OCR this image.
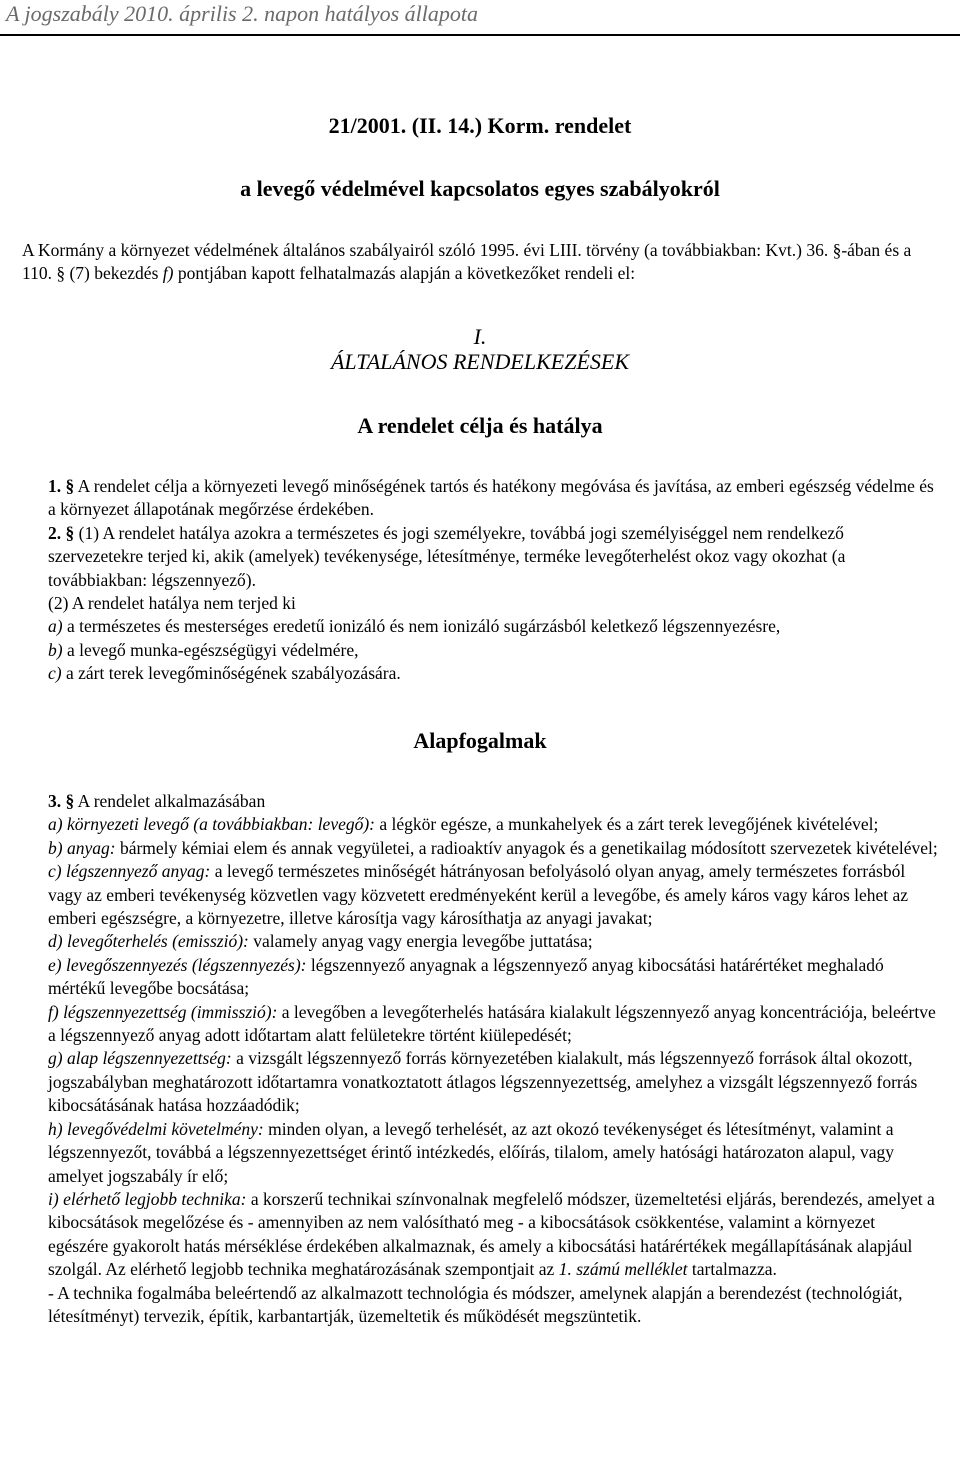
A jogszabály 2010. április 2. napon hatályos állapota
21/2001. (II. 14.) Korm. rendelet
a levegő védelmével kapcsolatos egyes szabályokról

A Kormány a környezet védelmének általános szabályairól szóló 1995. évi LIII. törvény (a továbbiakban: Kvt.) 36. §-ában és a 110. § (7) bekezdés f) pontjában kapott felhatalmazás alapján a következőket rendeli el:

I.
ÁLTALÁNOS RENDELKEZÉSEK
A rendelet célja és hatálya

1. § A rendelet célja a környezeti levegő minőségének tartós és hatékony megóvása és javítása, az emberi egészség védelme és a környezet állapotának megőrzése érdekében.

2. § (1) A rendelet hatálya azokra a természetes és jogi személyekre, továbbá jogi személyiséggel nem rendelkező szervezetekre terjed ki, akik (amelyek) tevékenysége, létesítménye, terméke levegőterhelést okoz vagy okozhat (a továbbiakban: légszennyező).

(2) A rendelet hatálya nem terjed ki

a) a természetes és mesterséges eredetű ionizáló és nem ionizáló sugárzásból keletkező légszennyezésre,

b) a levegő munka-egészségügyi védelmére,

c) a zárt terek levegőminőségének szabályozására.

Alapfogalmak

3. § A rendelet alkalmazásában

a) környezeti levegő (a továbbiakban: levegő): a légkör egésze, a munkahelyek és a zárt terek levegőjének kivételével;

b) anyag: bármely kémiai elem és annak vegyületei, a radioaktív anyagok és a genetikailag módosított szervezetek kivételével;

c) légszennyező anyag: a levegő természetes minőségét hátrányosan befolyásoló olyan anyag, amely természetes forrásból vagy az emberi tevékenység közvetlen vagy közvetett eredményeként kerül a levegőbe, és amely káros vagy káros lehet az emberi egészségre, a környezetre, illetve károsítja vagy károsíthatja az anyagi javakat;

d) levegőterhelés (emisszió): valamely anyag vagy energia levegőbe juttatása;

e) levegőszennyezés (légszennyezés): légszennyező anyagnak a légszennyező anyag kibocsátási határértéket meghaladó mértékű levegőbe bocsátása;

f) légszennyezettség (immisszió): a levegőben a levegőterhelés hatására kialakult légszennyező anyag koncentrációja, beleértve a légszennyező anyag adott időtartam alatt felületekre történt kiülepedését;

g) alap légszennyezettség: a vizsgált légszennyező forrás környezetében kialakult, más légszennyező források által okozott, jogszabályban meghatározott időtartamra vonatkoztatott átlagos légszennyezettség, amelyhez a vizsgált légszennyező forrás kibocsátásának hatása hozzáadódik;

h) levegővédelmi követelmény: minden olyan, a levegő terhelését, az azt okozó tevékenységet és létesítményt, valamint a légszennyezőt, továbbá a légszennyezettséget érintő intézkedés, előírás, tilalom, amely hatósági határozaton alapul, vagy amelyet jogszabály ír elő;

i) elérhető legjobb technika: a korszerű technikai színvonalnak megfelelő módszer, üzemeltetési eljárás, berendezés, amelyet a kibocsátások megelőzése és - amennyiben az nem valósítható meg - a kibocsátások csökkentése, valamint a környezet egészére gyakorolt hatás mérséklése érdekében alkalmaznak, és amely a kibocsátási határértékek megállapításának alapjául szolgál. Az elérhető legjobb technika meghatározásának szempontjait az 1. számú melléklet tartalmazza.

- A technika fogalmába beleértendő az alkalmazott technológia és módszer, amelynek alapján a berendezést (technológiát, létesítményt) tervezik, építik, karbantartják, üzemeltetik és működését megszüntetik.
